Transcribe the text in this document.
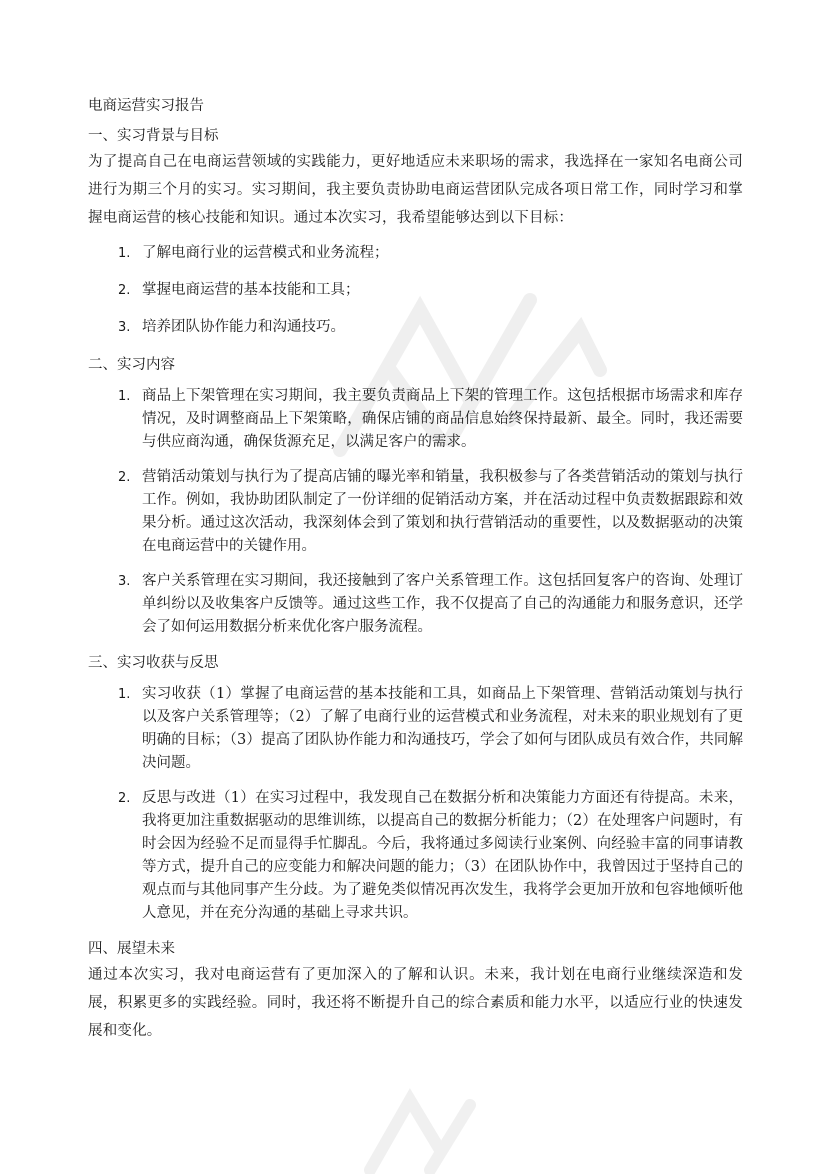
电商运营实习报告
一、实习背景与目标

为了提高自己在电商运营领域的实践能力，更好地适应未来职场的需求，我选择在一家知名电商公司进行为期三个月的实习。实习期间，我主要负责协助电商运营团队完成各项日常工作，同时学习和掌握电商运营的核心技能和知识。通过本次实习，我希望能够达到以下目标：

1. 了解电商行业的运营模式和业务流程；
2. 掌握电商运营的基本技能和工具；
3. 培养团队协作能力和沟通技巧。
二、实习内容
1. 商品上下架管理在实习期间，我主要负责商品上下架的管理工作。这包括根据市场需求和库存情况，及时调整商品上下架策略，确保店铺的商品信息始终保持最新、最全。同时，我还需要与供应商沟通，确保货源充足，以满足客户的需求。
2. 营销活动策划与执行为了提高店铺的曝光率和销量，我积极参与了各类营销活动的策划与执行工作。例如，我协助团队制定了一份详细的促销活动方案，并在活动过程中负责数据跟踪和效果分析。通过这次活动，我深刻体会到了策划和执行营销活动的重要性，以及数据驱动的决策在电商运营中的关键作用。
3. 客户关系管理在实习期间，我还接触到了客户关系管理工作。这包括回复客户的咨询、处理订单纠纷以及收集客户反馈等。通过这些工作，我不仅提高了自己的沟通能力和服务意识，还学会了如何运用数据分析来优化客户服务流程。
三、实习收获与反思
1. 实习收获（1）掌握了电商运营的基本技能和工具，如商品上下架管理、营销活动策划与执行以及客户关系管理等；（2）了解了电商行业的运营模式和业务流程，对未来的职业规划有了更明确的目标；（3）提高了团队协作能力和沟通技巧，学会了如何与团队成员有效合作，共同解决问题。
2. 反思与改进（1）在实习过程中，我发现自己在数据分析和决策能力方面还有待提高。未来，我将更加注重数据驱动的思维训练，以提高自己的数据分析能力；（2）在处理客户问题时，有时会因为经验不足而显得手忙脚乱。今后，我将通过多阅读行业案例、向经验丰富的同事请教等方式，提升自己的应变能力和解决问题的能力；（3）在团队协作中，我曾因过于坚持自己的观点而与其他同事产生分歧。为了避免类似情况再次发生，我将学会更加开放和包容地倾听他人意见，并在充分沟通的基础上寻求共识。
四、展望未来

通过本次实习，我对电商运营有了更加深入的了解和认识。未来，我计划在电商行业继续深造和发展，积累更多的实践经验。同时，我还将不断提升自己的综合素质和能力水平，以适应行业的快速发展和变化。
